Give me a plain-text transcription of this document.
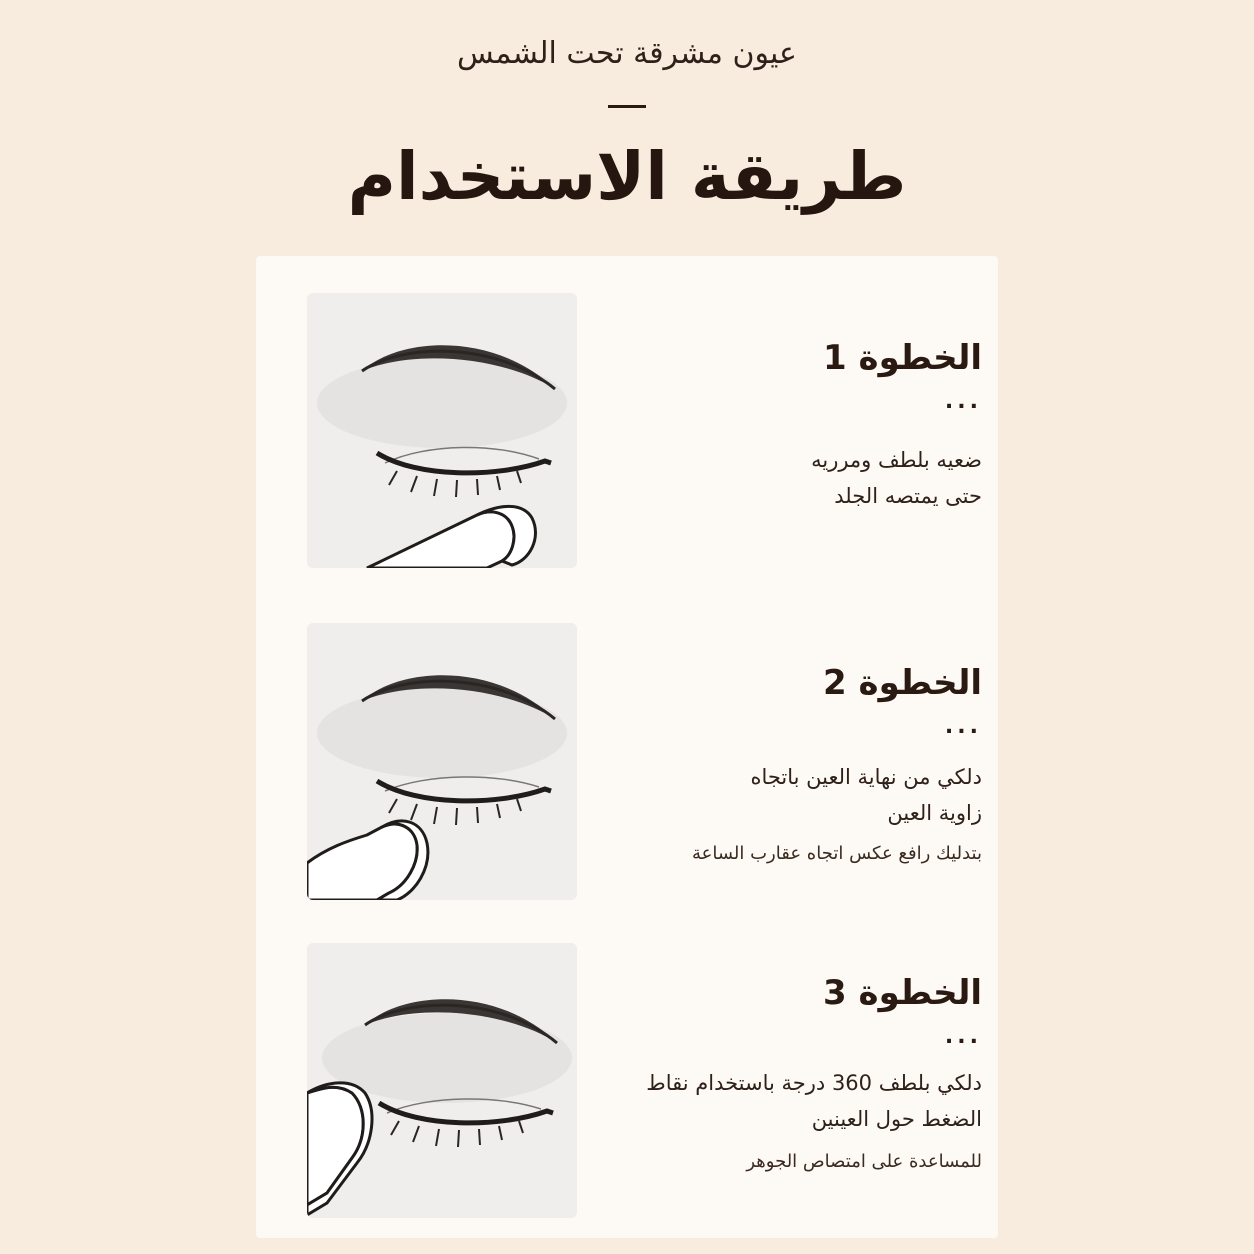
عيون مشرقة تحت الشمس
طريقة الاستخدام
الخطوة 1
...
ضعيه بلطف ومرريه
حتى يمتصه الجلد
الخطوة 2
...
دلكي من نهاية العين باتجاه
زاوية العين
بتدليك رافع عكس اتجاه عقارب الساعة
الخطوة 3
...
دلكي بلطف 360 درجة باستخدام نقاط
الضغط حول العينين
للمساعدة على امتصاص الجوهر
